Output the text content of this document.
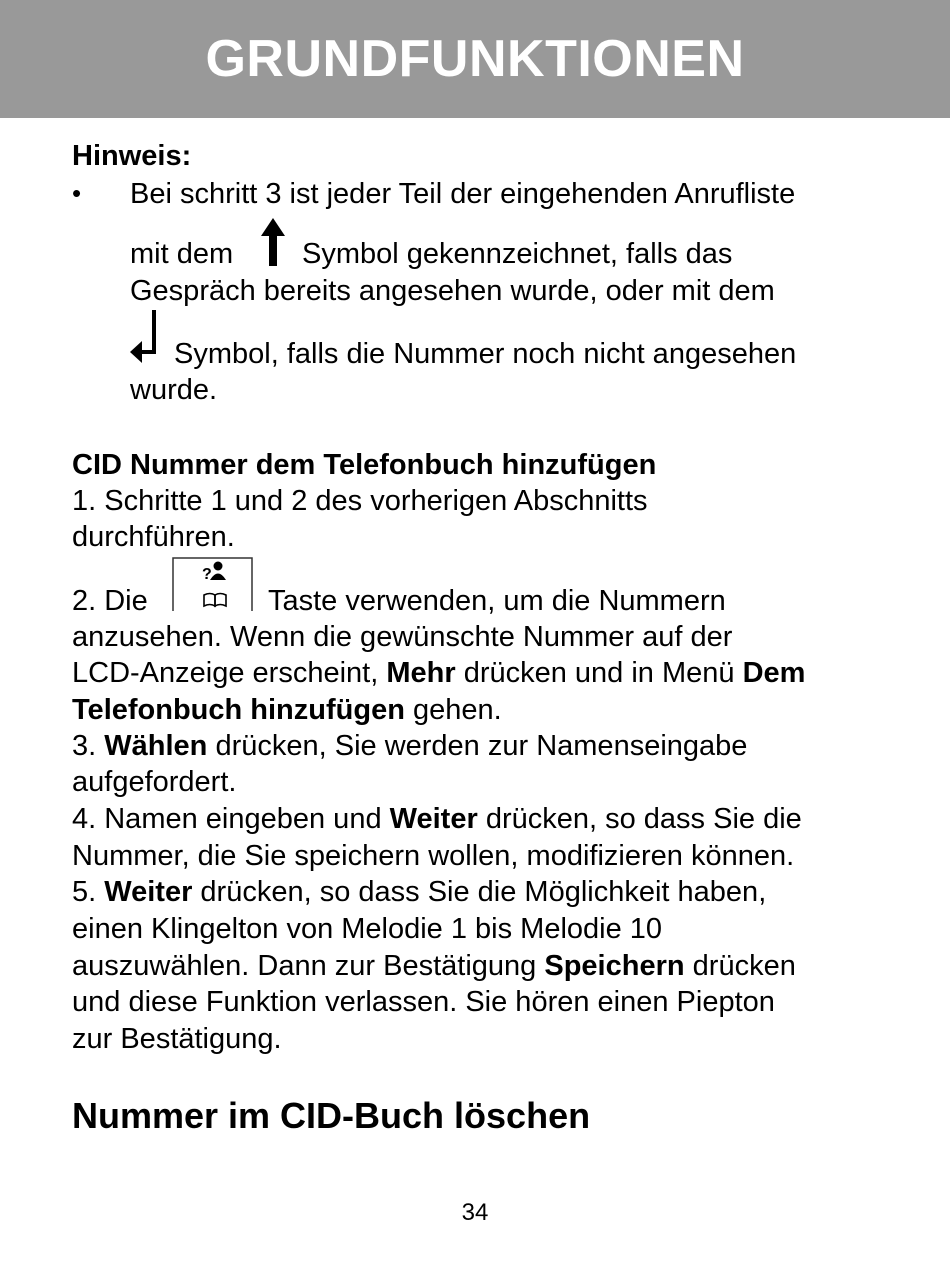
GRUNDFUNKTIONEN
Hinweis:
• Bei schritt 3 ist jeder Teil der eingehenden Anrufliste
mit dem Symbol gekennzeichnet, falls das
Gespräch bereits angesehen wurde, oder mit dem
Symbol, falls die Nummer noch nicht angesehen
wurde.
CID Nummer dem Telefonbuch hinzufügen
1. Schritte 1 und 2 des vorherigen Abschnitts
durchführen.
2. Die
?
Taste verwenden, um die Nummern
anzusehen. Wenn die gewünschte Nummer auf der
LCD-Anzeige erscheint, Mehr drücken und in Menü Dem
Telefonbuch hinzufügen gehen.
3. Wählen drücken, Sie werden zur Namenseingabe
aufgefordert.
4. Namen eingeben und Weiter drücken, so dass Sie die
Nummer, die Sie speichern wollen, modifizieren können.
5. Weiter drücken, so dass Sie die Möglichkeit haben,
einen Klingelton von Melodie 1 bis Melodie 10
auszuwählen. Dann zur Bestätigung Speichern drücken
und diese Funktion verlassen. Sie hören einen Piepton
zur Bestätigung.
Nummer im CID-Buch löschen
34
